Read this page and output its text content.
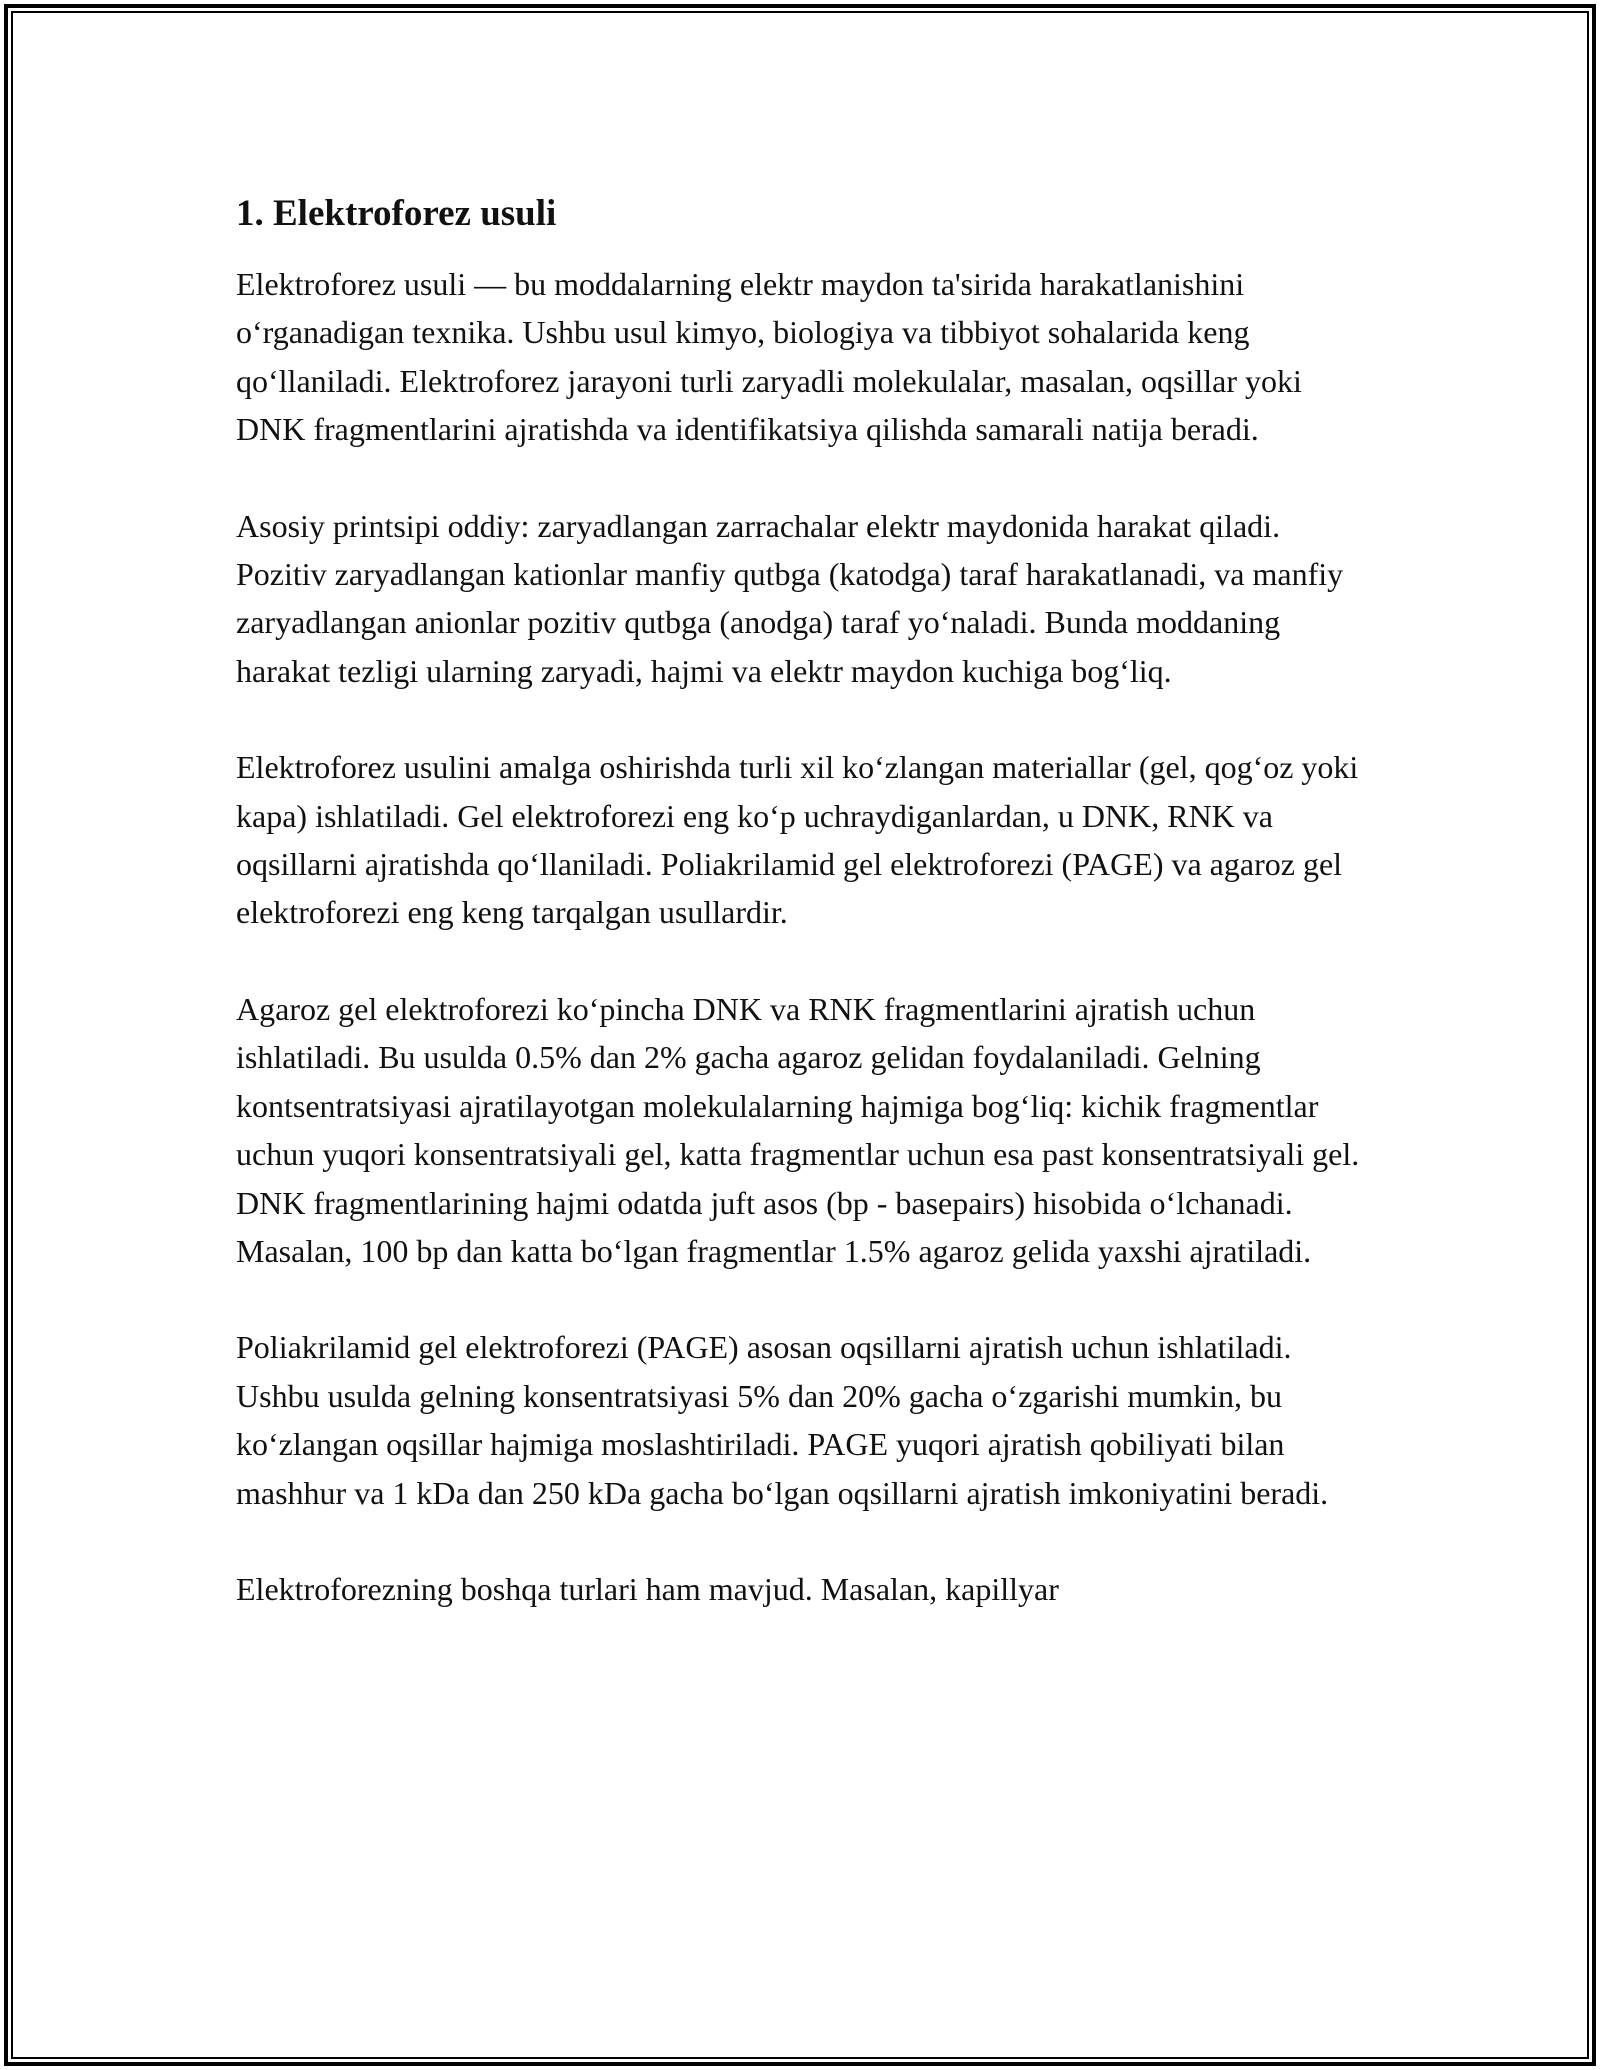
1. Elektroforez usuli

Elektroforez usuli — bu moddalarning elektr maydon ta'sirida harakatlanishini oʻrganadigan texnika. Ushbu usul kimyo, biologiya va tibbiyot sohalarida keng qoʻllaniladi. Elektroforez jarayoni turli zaryadli molekulalar, masalan, oqsillar yoki DNK fragmentlarini ajratishda va identifikatsiya qilishda samarali natija beradi.

Asosiy printsipi oddiy: zaryadlangan zarrachalar elektr maydonida harakat qiladi. Pozitiv zaryadlangan kationlar manfiy qutbga (katodga) taraf harakatlanadi, va manfiy zaryadlangan anionlar pozitiv qutbga (anodga) taraf yoʻnaladi. Bunda moddaning harakat tezligi ularning zaryadi, hajmi va elektr maydon kuchiga bogʻliq.

Elektroforez usulini amalga oshirishda turli xil koʻzlangan materiallar (gel, qogʻoz yoki kapa) ishlatiladi. Gel elektroforezi eng koʻp uchraydiganlardan, u DNK, RNK va oqsillarni ajratishda qoʻllaniladi. Poliakrilamid gel elektroforezi (PAGE) va agaroz gel elektroforezi eng keng tarqalgan usullardir.

Agaroz gel elektroforezi koʻpincha DNK va RNK fragmentlarini ajratish uchun ishlatiladi. Bu usulda 0.5% dan 2% gacha agaroz gelidan foydalaniladi. Gelning kontsentratsiyasi ajratilayotgan molekulalarning hajmiga bogʻliq: kichik fragmentlar uchun yuqori konsentratsiyali gel, katta fragmentlar uchun esa past konsentratsiyali gel. DNK fragmentlarining hajmi odatda juft asos (bp - basepairs) hisobida oʻlchanadi. Masalan, 100 bp dan katta boʻlgan fragmentlar 1.5% agaroz gelida yaxshi ajratiladi.

Poliakrilamid gel elektroforezi (PAGE) asosan oqsillarni ajratish uchun ishlatiladi. Ushbu usulda gelning konsentratsiyasi 5% dan 20% gacha oʻzgarishi mumkin, bu koʻzlangan oqsillar hajmiga moslashtiriladi. PAGE yuqori ajratish qobiliyati bilan mashhur va 1 kDa dan 250 kDa gacha boʻlgan oqsillarni ajratish imkoniyatini beradi.

Elektroforezning boshqa turlari ham mavjud. Masalan, kapillyar
